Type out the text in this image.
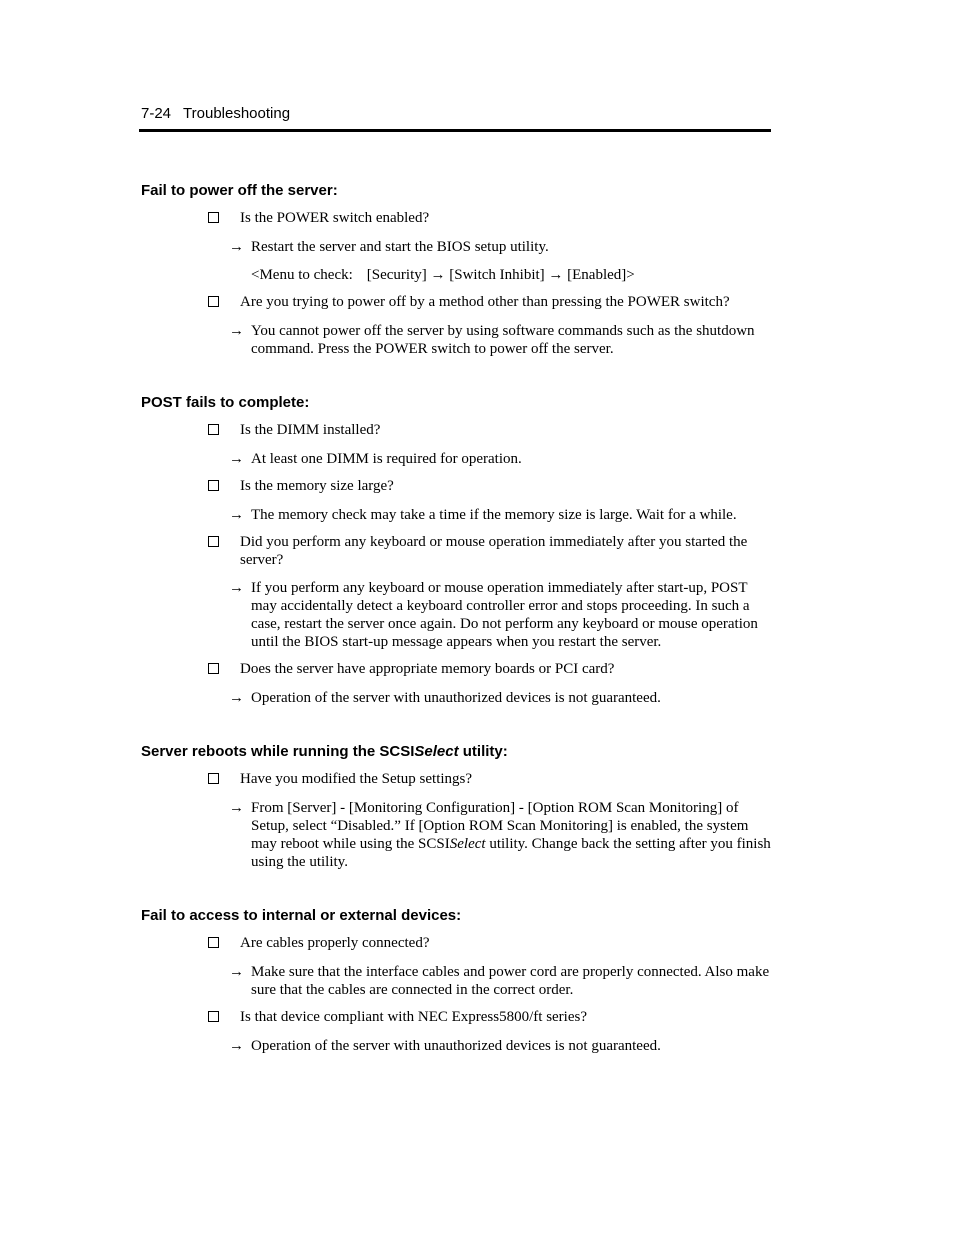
7-24 Troubleshooting
Fail to power off the server:
Is the POWER switch enabled?
→ Restart the server and start the BIOS setup utility.
<Menu to check: [Security] → [Switch Inhibit] → [Enabled]>
Are you trying to power off by a method other than pressing the POWER switch?
→ You cannot power off the server by using software commands such as the shutdown command. Press the POWER switch to power off the server.
POST fails to complete:
Is the DIMM installed?
→ At least one DIMM is required for operation.
Is the memory size large?
→ The memory check may take a time if the memory size is large. Wait for a while.
Did you perform any keyboard or mouse operation immediately after you started the server?
→ If you perform any keyboard or mouse operation immediately after start-up, POST may accidentally detect a keyboard controller error and stops proceeding. In such a case, restart the server once again. Do not perform any keyboard or mouse operation until the BIOS start-up message appears when you restart the server.
Does the server have appropriate memory boards or PCI card?
→ Operation of the server with unauthorized devices is not guaranteed.
Server reboots while running the SCSISelect utility:
Have you modified the Setup settings?
→ From [Server] - [Monitoring Configuration] - [Option ROM Scan Monitoring] of Setup, select “Disabled.” If [Option ROM Scan Monitoring] is enabled, the system may reboot while using the SCSISelect utility. Change back the setting after you finish using the utility.
Fail to access to internal or external devices:
Are cables properly connected?
→ Make sure that the interface cables and power cord are properly connected. Also make sure that the cables are connected in the correct order.
Is that device compliant with NEC Express5800/ft series?
→ Operation of the server with unauthorized devices is not guaranteed.
